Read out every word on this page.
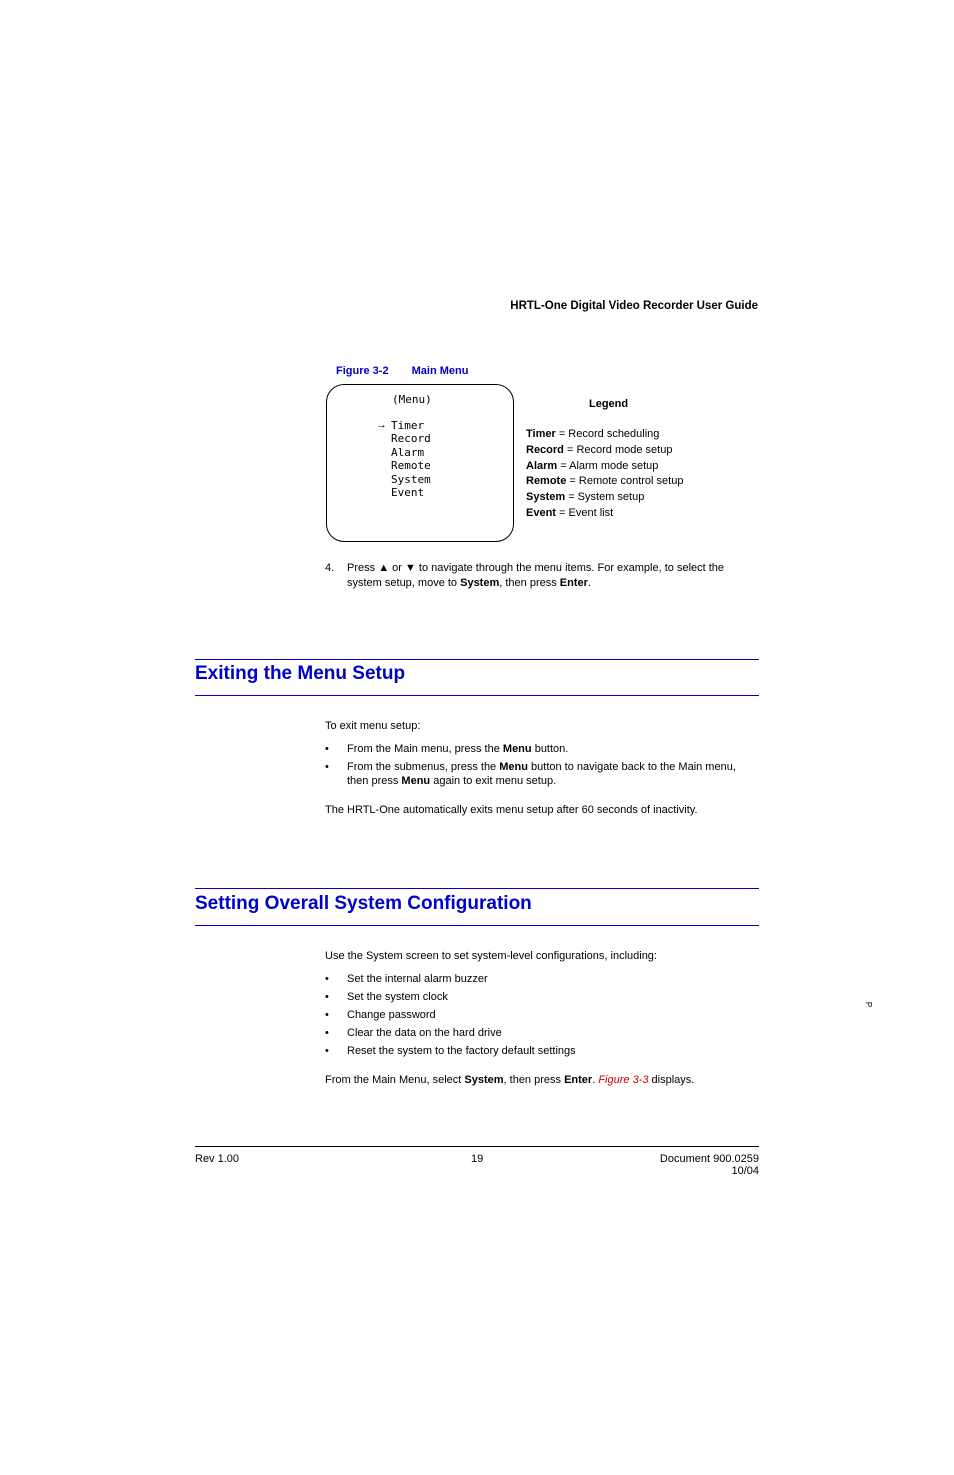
HRTL-One Digital Video Recorder User Guide
Figure 3-2 Main Menu
(Menu)
→ Timer
Record
Alarm
Remote
System
Event
Legend
Timer = Record scheduling
Record = Record mode setup
Alarm = Alarm mode setup
Remote = Remote control setup
System = System setup
Event = Event list
4. Press ▲ or ▼ to navigate through the menu items. For example, to select the system setup, move to System, then press Enter.
Exiting the Menu Setup
To exit menu setup:
• From the Main menu, press the Menu button.
• From the submenus, press the Menu button to navigate back to the Main menu, then press Menu again to exit menu setup.
The HRTL-One automatically exits menu setup after 60 seconds of inactivity.
Setting Overall System Configuration
Use the System screen to set system-level configurations, including:
• Set the internal alarm buzzer
• Set the system clock
• Change password
• Clear the data on the hard drive
• Reset the system to the factory default settings
From the Main Menu, select System, then press Enter. Figure 3-3 displays.
P
Rev 1.00	19	Document 900.0259
10/04
